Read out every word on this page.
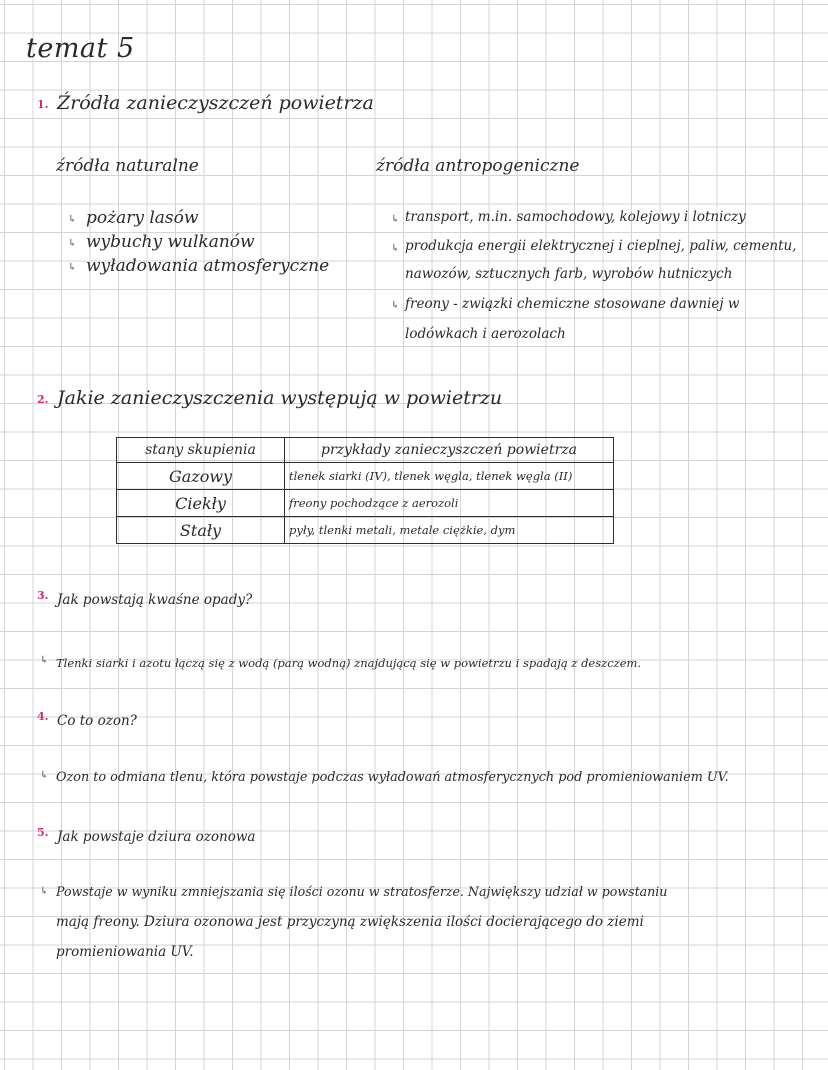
temat 5
1. Źródła zanieczyszczeń powietrza
źródła naturalne	źródła antropogeniczne
↳ pożary lasów
↳ wybuchy wulkanów
↳ wyładowania atmosferyczne
↳ transport, m.in. samochodowy, kolejowy i lotniczy
↳ produkcja energii elektrycznej i cieplnej, paliw, cementu,
nawozów, sztucznych farb, wyrobów hutniczych
↳ freony - związki chemiczne stosowane dawniej w
lodówkach i aerozolach
2. Jakie zanieczyszczenia występują w powietrzu
stany skupienia	przykłady zanieczyszczeń powietrza
Gazowy	tlenek siarki (IV), tlenek węgla, tlenek węgla (II)
Ciekły	freony pochodzące z aerozoli
Stały	pyły, tlenki metali, metale ciężkie, dym
3. Jak powstają kwaśne opady?
↳ Tlenki siarki i azotu łączą się z wodą (parą wodną) znajdującą się w powietrzu i spadają z deszczem.
4. Co to ozon?
↳ Ozon to odmiana tlenu, która powstaje podczas wyładowań atmosferycznych pod promieniowaniem UV.
5. Jak powstaje dziura ozonowa
↳ Powstaje w wyniku zmniejszania się ilości ozonu w stratosferze. Największy udział w powstaniu
mają freony. Dziura ozonowa jest przyczyną zwiększenia ilości docierającego do ziemi
promieniowania UV.
